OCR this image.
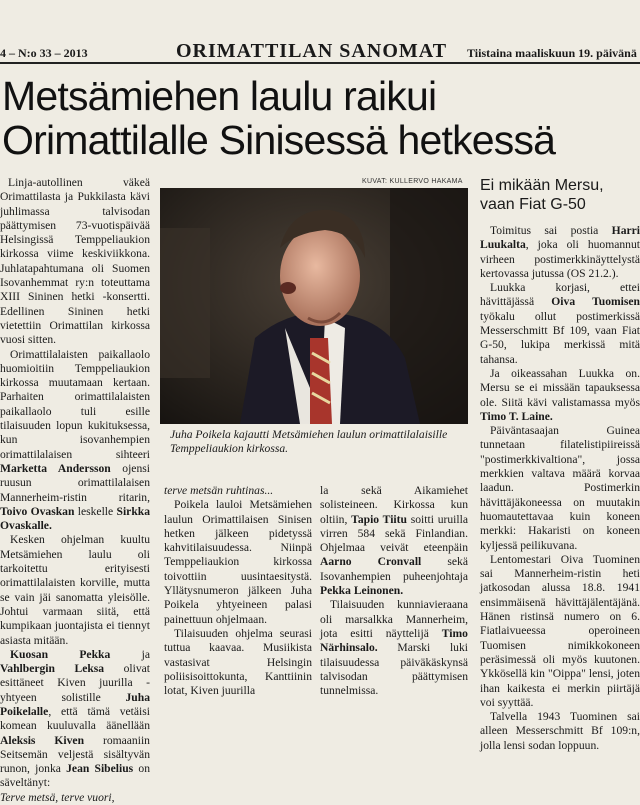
4 – N:o 33 – 2013	ORIMATTILAN SANOMAT Tiistaina maaliskuun 19. päivänä
Metsämiehen laulu raikui
Orimattilalle Sinisessä hetkessä

Linja-autollinen väkeä Orimattilasta ja Pukkilasta kävi juhlimassa talvisodan päättymisen 73-vuotispäivää Helsingissä Temppeliaukion kirkossa viime keskiviikkona. Juhlatapahtumana oli Suomen Isovanhemmat ry:n toteuttama XIII Sininen hetki -konsertti. Edellinen Sininen hetki vietettiin Orimattilan kirkossa vuosi sitten.

Orimattilalaisten paikallaolo huomioitiin Temppeliaukion kirkossa muutamaan kertaan. Parhaiten orimattilalaisten paikallaolo tuli esille tilaisuuden lopun kukituksessa, kun isovanhempien orimattilalaisen sihteeri Marketta Andersson ojensi ruusun orimattilalaisen Mannerheim-ristin ritarin, Toivo Ovaskan leskelle Sirkka Ovaskalle.

Kesken ohjelman kuultu Metsämiehen laulu oli tarkoitettu erityisesti orimattilalaisten korville, mutta se vain jäi sanomatta yleisölle. Johtui varmaan siitä, että kumpikaan juontajista ei tiennyt asiasta mitään.

Kuosan Pekka	ja Vahlbergin Leksa olivat esittäneet Kiven juurilla -yhtyeen solistille Juha Poikelalle, että tämä vetäisi komean kuuluvalla äänellään Aleksis Kiven romaaniin Seitsemän veljestä sisältyvän runon, jonka Jean Sibelius on säveltänyt:

Terve metsä, terve vuori,

KUVAT: KULLERVO HAKAMA
Juha Poikela kajautti Metsämiehen laulun orimattilalaisille Temppeliaukion kirkossa.

terve metsän ruhtinas...

Poikela lauloi Metsämiehen laulun Orimattilaisen Sinisen hetken jälkeen pidetyssä kahvitilaisuudessa. Niinpä Temppeliaukion kirkossa toivottiin uusintaesitystä. Yllätysnumeron jälkeen Juha Poikela yhtyeineen palasi painettuun ohjelmaan.

Tilaisuuden ohjelma seurasi tuttua kaavaa. Musiikista vastasivat Helsingin poliisisoittokunta, Kanttiinin lotat, Kiven juurilla

la sekä Aikamiehet solisteineen. Kirkossa kun oltiin, Tapio Tiitu soitti uruilla virren 584 sekä Finlandian. Ohjelmaa veivät eteenpäin Aarno Cronvall sekä Isovanhempien puheenjohtaja Pekka Leinonen.

Tilaisuuden kunniavieraana oli marsalkka Mannerheim, jota esitti näyttelijä Timo Närhinsalo. Marski luki tilaisuudessa päiväkäskynsä talvisodan päättymisen tunnelmissa.

Ei mikään Mersu,
vaan Fiat G-50

Toimitus sai postia Harri Luukalta, joka oli huomannut virheen postimerkkinäyttelystä kertovassa jutussa (OS 21.2.).

Luukka korjasi, ettei hävittäjässä Oiva Tuomisen työkalu ollut postimerkissä Messerschmitt Bf 109, vaan Fiat G-50, lukipa merkissä mitä tahansa.

Ja oikeassahan Luukka on. Mersu se ei missään tapauksessa ole. Siitä kävi valistamassa myös Timo T. Laine.

Päiväntasaajan Guinea tunnetaan filatelistipiireissä "postimerkkivaltiona", jossa merkkien valtava määrä korvaa laadun. Postimerkin hävittäjäkoneessa on muutakin huomautettavaa kuin koneen merkki: Hakaristi on koneen kyljessä peilikuvana.

Lentomestari Oiva Tuominen sai Mannerheim-ristin heti jatkosodan alussa 18.8. 1941 ensimmäisenä hävittäjälentäjänä. Hänen ristinsä numero on 6. Fiatlaivueessa operoineen Tuomisen nimikkokoneen peräsimessä oli myös kuutonen. Ykkösellä kin "Oippa" lensi, joten ihan kaikesta ei merkin piirtäjä voi syyttää.

Talvella 1943 Tuominen sai alleen Messerschmitt Bf 109:n, jolla lensi sodan loppuun.
